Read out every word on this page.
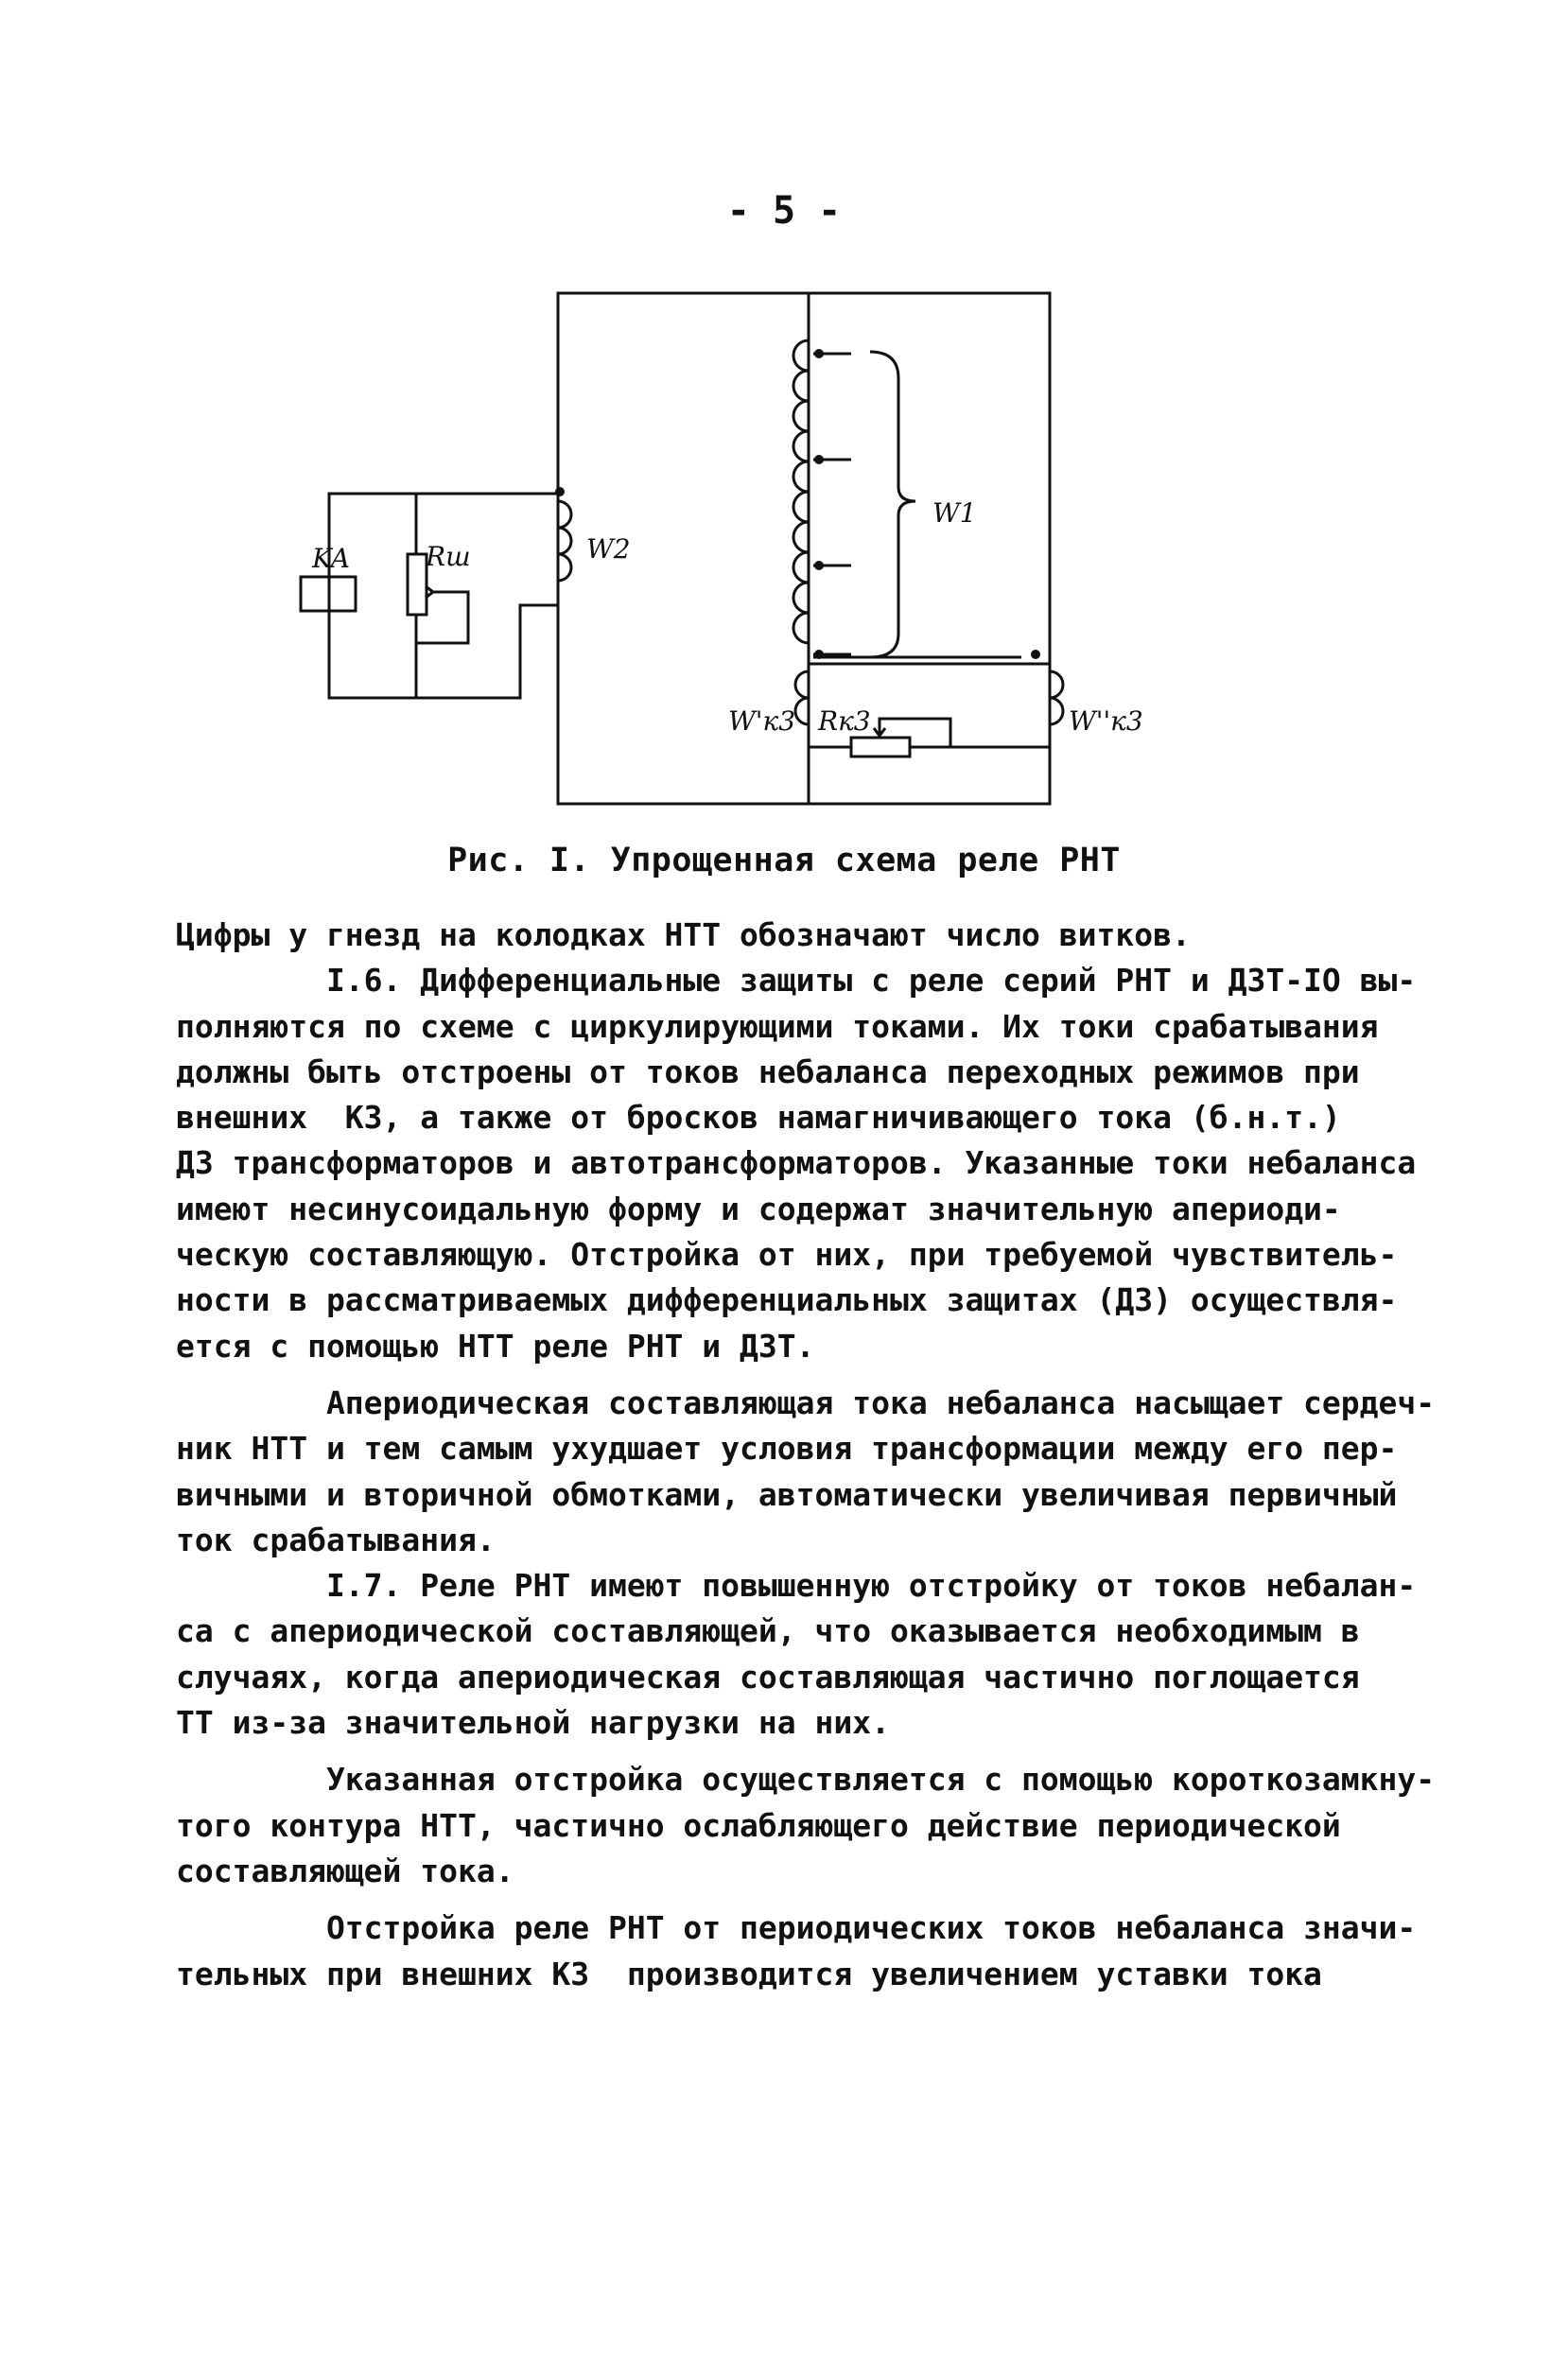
- 5 -
KA	Rш	W2
W1
W'к3 Rк3	W''к3
Рис. I. Упрощенная схема реле РНТ
Цифры у гнезд на колодках НТТ обозначают число витков.
I.6. Дифференциальные защиты с реле серий РНТ и ДЗТ-IO вы-
полняются по схеме с циркулирующими токами. Их токи срабатывания
должны быть отстроены от токов небаланса переходных режимов при
внешних  КЗ, а также от бросков намагничивающего тока (б.н.т.)
ДЗ трансформаторов и автотрансформаторов. Указанные токи небаланса
имеют несинусоидальную форму и содержат значительную апериоди-
ческую составляющую. Отстройка от них, при требуемой чувствитель-
ности в рассматриваемых дифференциальных защитах (ДЗ) осуществля-
ется с помощью НТТ реле РНТ и ДЗТ.
Апериодическая составляющая тока небаланса насыщает сердеч-
ник НТТ и тем самым ухудшает условия трансформации между его пер-
вичными и вторичной обмотками, автоматически увеличивая первичный
ток срабатывания.
I.7. Реле РНТ имеют повышенную отстройку от токов небалан-
са с апериодической составляющей, что оказывается необходимым в
случаях, когда апериодическая составляющая частично поглощается
ТТ из-за значительной нагрузки на них.
Указанная отстройка осуществляется с помощью короткозамкну-
того контура НТТ, частично ослабляющего действие периодической
составляющей тока.
Отстройка реле РНТ от периодических токов небаланса значи-
тельных при внешних КЗ  производится увеличением уставки тока
